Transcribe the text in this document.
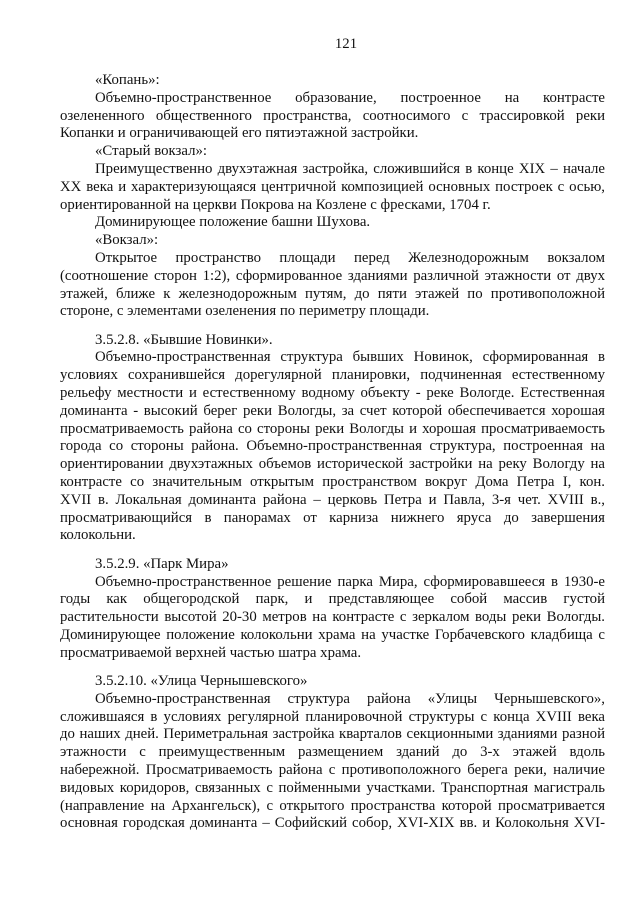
121
«Копань»:
Объемно-пространственное образование, построенное на контрасте
озелененного общественного пространства, соотносимого с трассировкой реки
Копанки и ограничивающей его пятиэтажной застройки.
«Старый вокзал»:
Преимущественно двухэтажная застройка, сложившийся в конце XIX – начале
XX века и характеризующаяся центричной композицией основных построек с осью,
ориентированной на церкви Покрова на Козлене с фресками, 1704 г.
Доминирующее положение башни Шухова.
«Вокзал»:
Открытое пространство площади перед Железнодорожным вокзалом
(соотношение сторон 1:2), сформированное зданиями различной этажности от двух
этажей, ближе к железнодорожным путям, до пяти этажей по противоположной
стороне, с элементами озеленения по периметру площади.
3.5.2.8. «Бывшие Новинки».
Объемно-пространственная структура бывших Новинок, сформированная в
условиях сохранившейся дорегулярной планировки, подчиненная естественному
рельефу местности и естественному водному объекту - реке Вологде. Естественная
доминанта - высокий берег реки Вологды, за счет которой обеспечивается хорошая
просматриваемость района со стороны реки Вологды и хорошая просматриваемость
города со стороны района. Объемно-пространственная структура, построенная на
ориентировании двухэтажных объемов исторической застройки на реку Вологду на
контрасте со значительным открытым пространством вокруг Дома Петра I, кон.
XVII в. Локальная доминанта района – церковь Петра и Павла, 3-я чет. XVIII в.,
просматривающийся в панорамах от карниза нижнего яруса до завершения
колокольни.
3.5.2.9. «Парк Мира»
Объемно-пространственное решение парка Мира, сформировавшееся в 1930-е
годы как общегородской парк, и представляющее собой массив густой
растительности высотой 20-30 метров на контрасте с зеркалом воды реки Вологды.
Доминирующее положение колокольни храма на участке Горбачевского кладбища с
просматриваемой верхней частью шатра храма.
3.5.2.10. «Улица Чернышевского»
Объемно-пространственная структура района «Улицы Чернышевского»,
сложившаяся в условиях регулярной планировочной структуры с конца XVIII века
до наших дней. Периметральная застройка кварталов секционными зданиями разной
этажности с преимущественным размещением зданий до 3-х этажей вдоль
набережной. Просматриваемость района с противоположного берега реки, наличие
видовых коридоров, связанных с пойменными участками. Транспортная магистраль
(направление на Архангельск), с открытого пространства которой просматривается
основная городская доминанта – Софийский собор, XVI-XIX вв. и Колокольня XVI-
